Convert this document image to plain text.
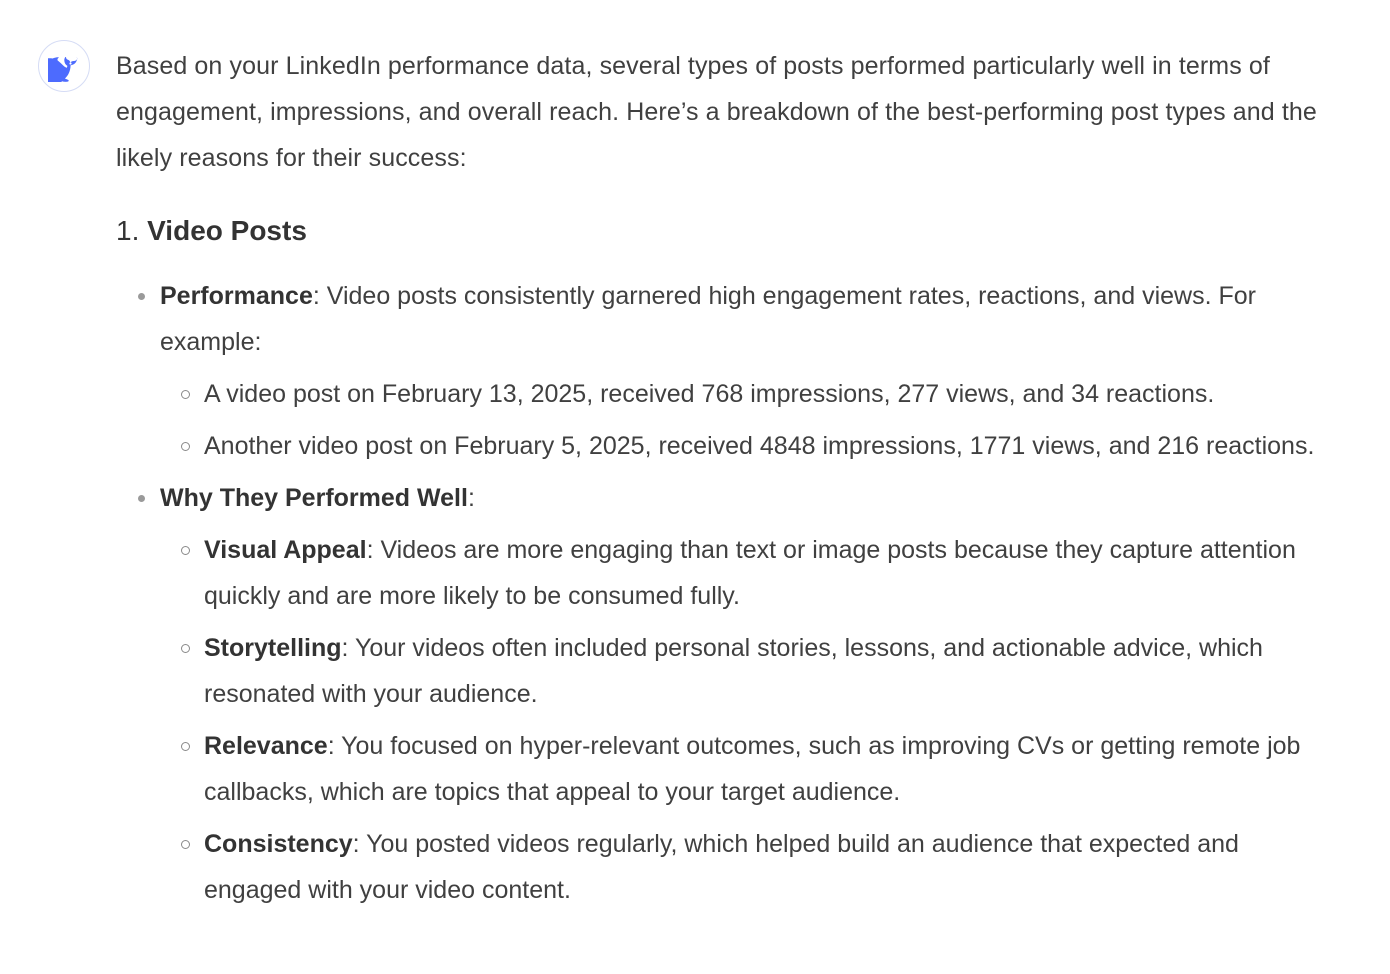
Based on your LinkedIn performance data, several types of posts performed particularly well in terms of engagement, impressions, and overall reach. Here’s a breakdown of the best-performing post types and the likely reasons for their success:

1. Video Posts
Performance: Video posts consistently garnered high engagement rates, reactions, and views. For example:
A video post on February 13, 2025, received 768 impressions, 277 views, and 34 reactions.
Another video post on February 5, 2025, received 4848 impressions, 1771 views, and 216 reactions.
Why They Performed Well:
Visual Appeal: Videos are more engaging than text or image posts because they capture attention quickly and are more likely to be consumed fully.
Storytelling: Your videos often included personal stories, lessons, and actionable advice, which resonated with your audience.
Relevance: You focused on hyper-relevant outcomes, such as improving CVs or getting remote job callbacks, which are topics that appeal to your target audience.
Consistency: You posted videos regularly, which helped build an audience that expected and engaged with your video content.
